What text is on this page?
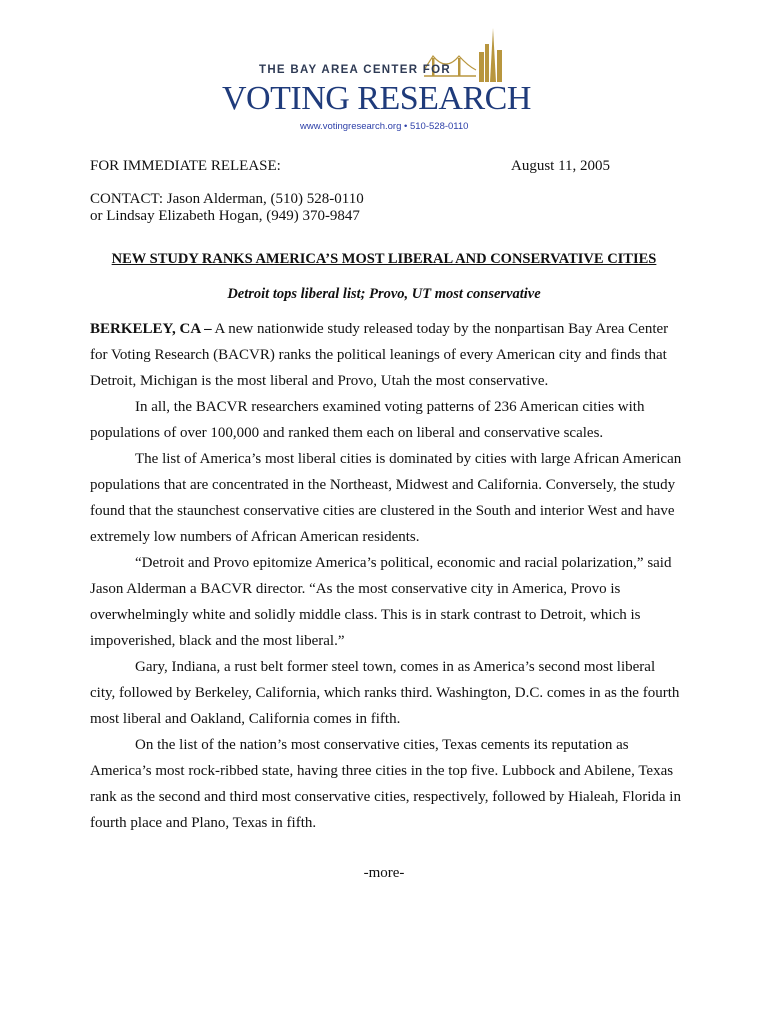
THE BAY AREA CENTER FOR
VOTING RESEARCH
www.votingresearch.org • 510-528-0110
FOR IMMEDIATE RELEASE:	August 11, 2005
CONTACT: Jason Alderman, (510) 528-0110
or Lindsay Elizabeth Hogan, (949) 370-9847
NEW STUDY RANKS AMERICA’S MOST LIBERAL AND CONSERVATIVE CITIES
Detroit tops liberal list; Provo, UT most conservative

BERKELEY, CA – A new nationwide study released today by the nonpartisan Bay Area Center for Voting Research (BACVR) ranks the political leanings of every American city and finds that Detroit, Michigan is the most liberal and Provo, Utah the most conservative.

In all, the BACVR researchers examined voting patterns of 236 American cities with populations of over 100,000 and ranked them each on liberal and conservative scales.

The list of America’s most liberal cities is dominated by cities with large African American populations that are concentrated in the Northeast, Midwest and California. Conversely, the study found that the staunchest conservative cities are clustered in the South and interior West and have extremely low numbers of African American residents.

“Detroit and Provo epitomize America’s political, economic and racial polarization,” said Jason Alderman a BACVR director. “As the most conservative city in America, Provo is overwhelmingly white and solidly middle class. This is in stark contrast to Detroit, which is impoverished, black and the most liberal.”

Gary, Indiana, a rust belt former steel town, comes in as America’s second most liberal city, followed by Berkeley, California, which ranks third. Washington, D.C. comes in as the fourth most liberal and Oakland, California comes in fifth.

On the list of the nation’s most conservative cities, Texas cements its reputation as America’s most rock-ribbed state, having three cities in the top five. Lubbock and Abilene, Texas rank as the second and third most conservative cities, respectively, followed by Hialeah, Florida in fourth place and Plano, Texas in fifth.

-more-
